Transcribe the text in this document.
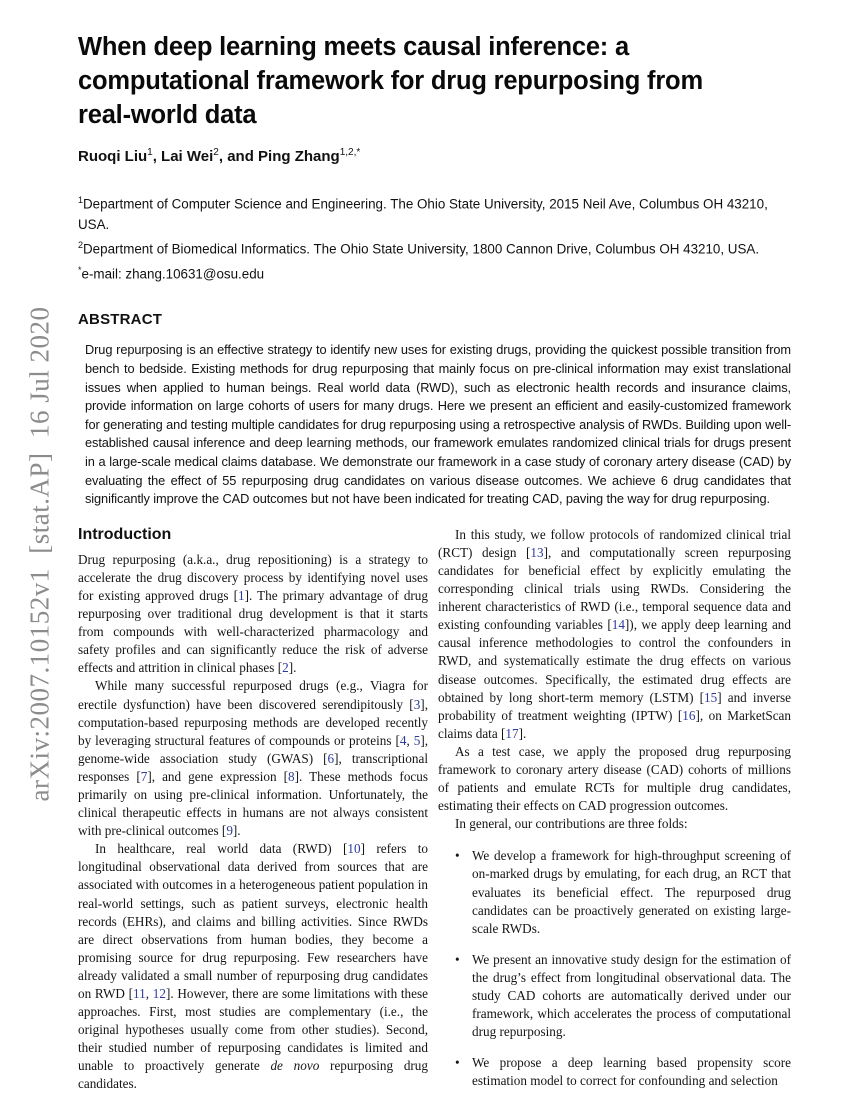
arXiv:2007.10152v1  [stat.AP]  16 Jul 2020
When deep learning meets causal inference: a
computational framework for drug repurposing from
real-world data
Ruoqi Liu$^1$, Lai Wei$^2$, and Ping Zhang$^{1,2,*}$
$^1$Department of Computer Science and Engineering. The Ohio State University, 2015 Neil Ave, Columbus OH 43210, USA.
$^2$Department of Biomedical Informatics. The Ohio State University, 1800 Cannon Drive, Columbus OH 43210, USA.
*e-mail: zhang.10631@osu.edu
ABSTRACT
Drug repurposing is an effective strategy to identify new uses for existing drugs, providing the quickest possible transition from bench to bedside. Existing methods for drug repurposing that mainly focus on pre-clinical information may exist translational issues when applied to human beings. Real world data (RWD), such as electronic health records and insurance claims, provide information on large cohorts of users for many drugs. Here we present an efficient and easily-customized framework for generating and testing multiple candidates for drug repurposing using a retrospective analysis of RWDs. Building upon well-established causal inference and deep learning methods, our framework emulates randomized clinical trials for drugs present in a large-scale medical claims database. We demonstrate our framework in a case study of coronary artery disease (CAD) by evaluating the effect of 55 repurposing drug candidates on various disease outcomes. We achieve 6 drug candidates that significantly improve the CAD outcomes but not have been indicated for treating CAD, paving the way for drug repurposing.
Introduction

Drug repurposing (a.k.a., drug repositioning) is a strategy to accelerate the drug discovery process by identifying novel uses for existing approved drugs [1]. The primary advantage of drug repurposing over traditional drug development is that it starts from compounds with well-characterized pharmacology and safety profiles and can significantly reduce the risk of adverse effects and attrition in clinical phases [2].

While many successful repurposed drugs (e.g., Viagra for erectile dysfunction) have been discovered serendipitously [3], computation-based repurposing methods are developed recently by leveraging structural features of compounds or proteins [4, 5], genome-wide association study (GWAS) [6], transcriptional responses [7], and gene expression [8]. These methods focus primarily on using pre-clinical information. Unfortunately, the clinical therapeutic effects in humans are not always consistent with pre-clinical outcomes [9].

In healthcare, real world data (RWD) [10] refers to longitudinal observational data derived from sources that are associated with outcomes in a heterogeneous patient population in real-world settings, such as patient surveys, electronic health records (EHRs), and claims and billing activities. Since RWDs are direct observations from human bodies, they become a promising source for drug repurposing. Few researchers have already validated a small number of repurposing drug candidates on RWD [11, 12]. However, there are some limitations with these approaches. First, most studies are complementary (i.e., the original hypotheses usually come from other studies). Second, their studied number of repurposing candidates is limited and unable to proactively generate de novo repurposing drug candidates.

In this study, we follow protocols of randomized clinical trial (RCT) design [13], and computationally screen repurposing candidates for beneficial effect by explicitly emulating the corresponding clinical trials using RWDs. Considering the inherent characteristics of RWD (i.e., temporal sequence data and existing confounding variables [14]), we apply deep learning and causal inference methodologies to control the confounders in RWD, and systematically estimate the drug effects on various disease outcomes. Specifically, the estimated drug effects are obtained by long short-term memory (LSTM) [15] and inverse probability of treatment weighting (IPTW) [16], on MarketScan claims data [17].

As a test case, we apply the proposed drug repurposing framework to coronary artery disease (CAD) cohorts of millions of patients and emulate RCTs for multiple drug candidates, estimating their effects on CAD progression outcomes.

In general, our contributions are three folds:

• We develop a framework for high-throughput screening of on-marked drugs by emulating, for each drug, an RCT that evaluates its beneficial effect. The repurposed drug candidates can be proactively generated on existing large-scale RWDs.
• We present an innovative study design for the estimation of the drug’s effect from longitudinal observational data. The study CAD cohorts are automatically derived under our framework, which accelerates the process of computational drug repurposing.
• We propose a deep learning based propensity score estimation model to correct for confounding and selection
